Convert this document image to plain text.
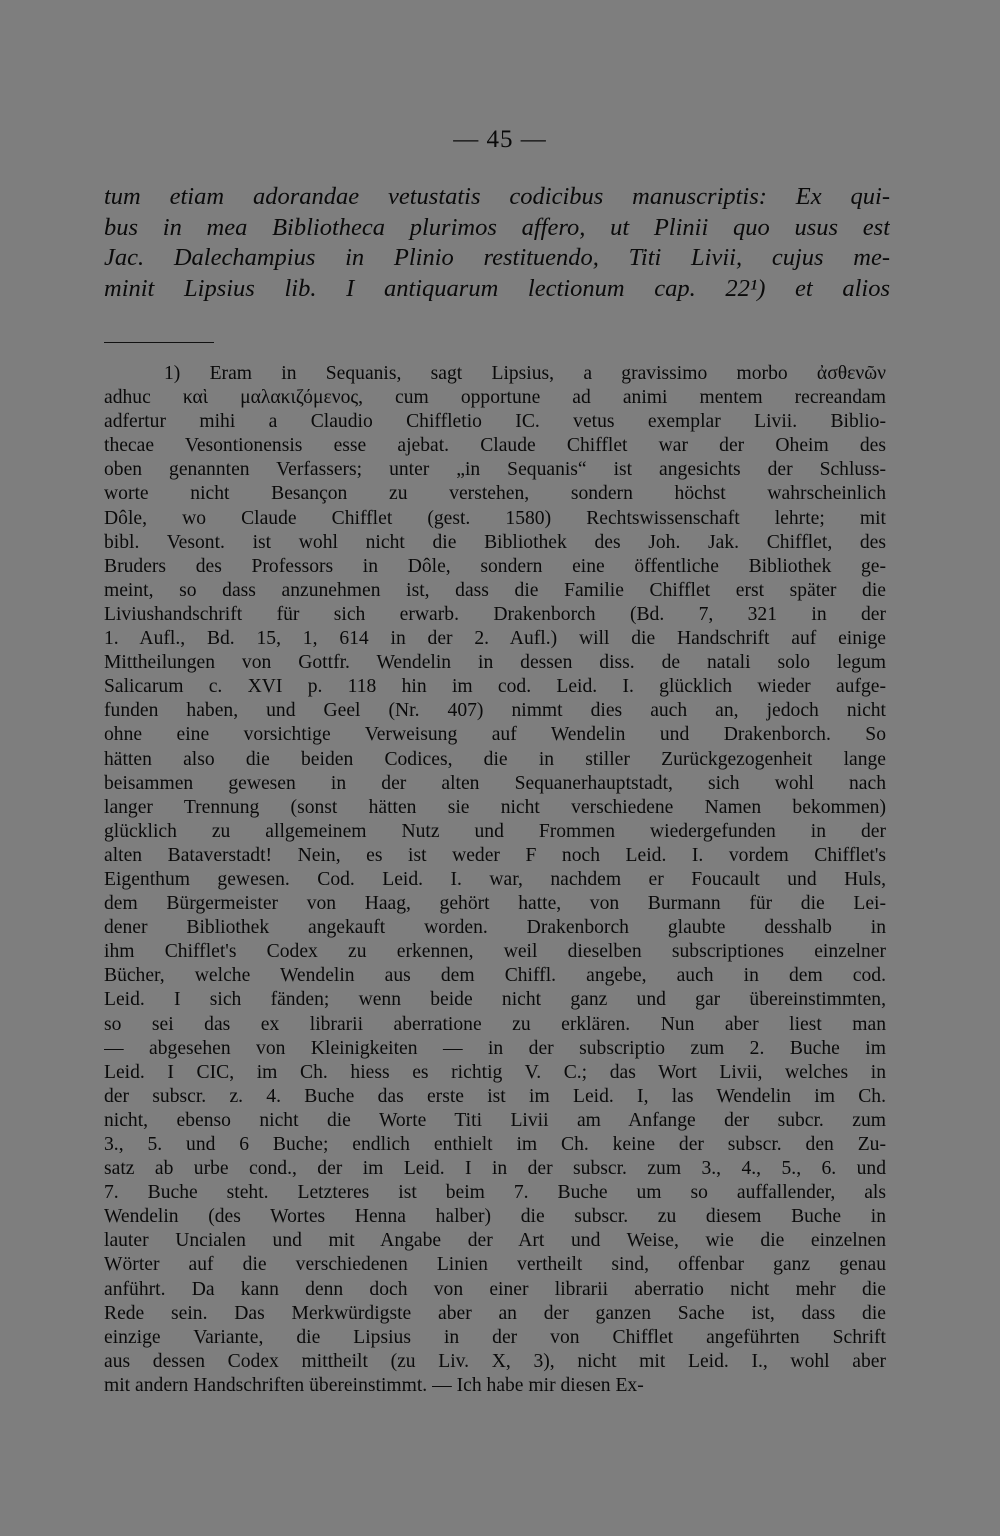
— 45 —
tum etiam adorandae vetustatis codicibus manuscriptis: Ex qui-
bus in mea Bibliotheca plurimos affero, ut Plinii quo usus est
Jac. Dalechampius in Plinio restituendo, Titi Livii, cujus me-
minit Lipsius lib. I antiquarum lectionum cap. 22¹) et alios
1) Eram in Sequanis, sagt Lipsius, a gravissimo morbo ἀσθενῶν
adhuc καὶ μαλακιζόμενος, cum opportune ad animi mentem recreandam
adfertur mihi a Claudio Chiffletio IC. vetus exemplar Livii. Biblio-
thecae Vesontionensis esse ajebat. Claude Chifflet war der Oheim des
oben genannten Verfassers; unter „in Sequanis“ ist angesichts der Schluss-
worte nicht Besançon zu verstehen, sondern höchst wahrscheinlich
Dôle, wo Claude Chifflet (gest. 1580) Rechtswissenschaft lehrte; mit
bibl. Vesont. ist wohl nicht die Bibliothek des Joh. Jak. Chifflet, des
Bruders des Professors in Dôle, sondern eine öffentliche Bibliothek ge-
meint, so dass anzunehmen ist, dass die Familie Chifflet erst später die
Liviushandschrift für sich erwarb. Drakenborch (Bd. 7, 321 in der
1. Aufl., Bd. 15, 1, 614 in der 2. Aufl.) will die Handschrift auf einige
Mittheilungen von Gottfr. Wendelin in dessen diss. de natali solo legum
Salicarum c. XVI p. 118 hin im cod. Leid. I. glücklich wieder aufge-
funden haben, und Geel (Nr. 407) nimmt dies auch an, jedoch nicht
ohne eine vorsichtige Verweisung auf Wendelin und Drakenborch. So
hätten also die beiden Codices, die in stiller Zurückgezogenheit lange
beisammen gewesen in der alten Sequanerhauptstadt, sich wohl nach
langer Trennung (sonst hätten sie nicht verschiedene Namen bekommen)
glücklich zu allgemeinem Nutz und Frommen wiedergefunden in der
alten Bataverstadt! Nein, es ist weder F noch Leid. I. vordem Chifflet's
Eigenthum gewesen. Cod. Leid. I. war, nachdem er Foucault und Huls,
dem Bürgermeister von Haag, gehört hatte, von Burmann für die Lei-
dener Bibliothek angekauft worden. Drakenborch glaubte desshalb in
ihm Chifflet's Codex zu erkennen, weil dieselben subscriptiones einzelner
Bücher, welche Wendelin aus dem Chiffl. angebe, auch in dem cod.
Leid. I sich fänden; wenn beide nicht ganz und gar übereinstimmten,
so sei das ex librarii aberratione zu erklären. Nun aber liest man
— abgesehen von Kleinigkeiten — in der subscriptio zum 2. Buche im
Leid. I CIC, im Ch. hiess es richtig V. C.; das Wort Livii, welches in
der subscr. z. 4. Buche das erste ist im Leid. I, las Wendelin im Ch.
nicht, ebenso nicht die Worte Titi Livii am Anfange der subcr. zum
3., 5. und 6 Buche; endlich enthielt im Ch. keine der subscr. den Zu-
satz ab urbe cond., der im Leid. I in der subscr. zum 3., 4., 5., 6. und
7. Buche steht. Letzteres ist beim 7. Buche um so auffallender, als
Wendelin (des Wortes Henna halber) die subscr. zu diesem Buche in
lauter Uncialen und mit Angabe der Art und Weise, wie die einzelnen
Wörter auf die verschiedenen Linien vertheilt sind, offenbar ganz genau
anführt. Da kann denn doch von einer librarii aberratio nicht mehr die
Rede sein. Das Merkwürdigste aber an der ganzen Sache ist, dass die
einzige Variante, die Lipsius in der von Chifflet angeführten Schrift
aus dessen Codex mittheilt (zu Liv. X, 3), nicht mit Leid. I., wohl aber
mit andern Handschriften übereinstimmt. — Ich habe mir diesen Ex-
